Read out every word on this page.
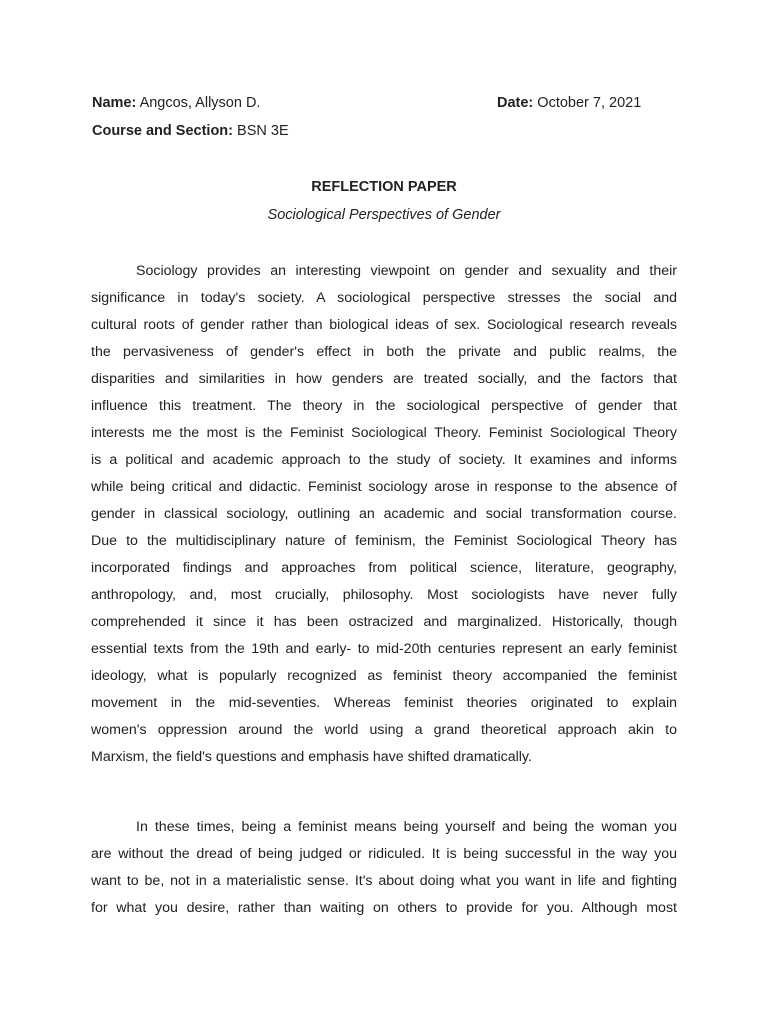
Name: Angcos, Allyson D.	Date: October 7, 2021
Course and Section: BSN 3E
REFLECTION PAPER
Sociological Perspectives of Gender
Sociology provides an interesting viewpoint on gender and sexuality and their
significance in today's society. A sociological perspective stresses the social and
cultural roots of gender rather than biological ideas of sex. Sociological research reveals
the pervasiveness of gender's effect in both the private and public realms, the
disparities and similarities in how genders are treated socially, and the factors that
influence this treatment. The theory in the sociological perspective of gender that
interests me the most is the Feminist Sociological Theory. Feminist Sociological Theory
is a political and academic approach to the study of society. It examines and informs
while being critical and didactic. Feminist sociology arose in response to the absence of
gender in classical sociology, outlining an academic and social transformation course.
Due to the multidisciplinary nature of feminism, the Feminist Sociological Theory has
incorporated findings and approaches from political science, literature, geography,
anthropology, and, most crucially, philosophy. Most sociologists have never fully
comprehended it since it has been ostracized and marginalized. Historically, though
essential texts from the 19th and early- to mid-20th centuries represent an early feminist
ideology, what is popularly recognized as feminist theory accompanied the feminist
movement in the mid-seventies. Whereas feminist theories originated to explain
women's oppression around the world using a grand theoretical approach akin to
Marxism, the field's questions and emphasis have shifted dramatically.
In these times, being a feminist means being yourself and being the woman you
are without the dread of being judged or ridiculed. It is being successful in the way you
want to be, not in a materialistic sense. It's about doing what you want in life and fighting
for what you desire, rather than waiting on others to provide for you. Although most
